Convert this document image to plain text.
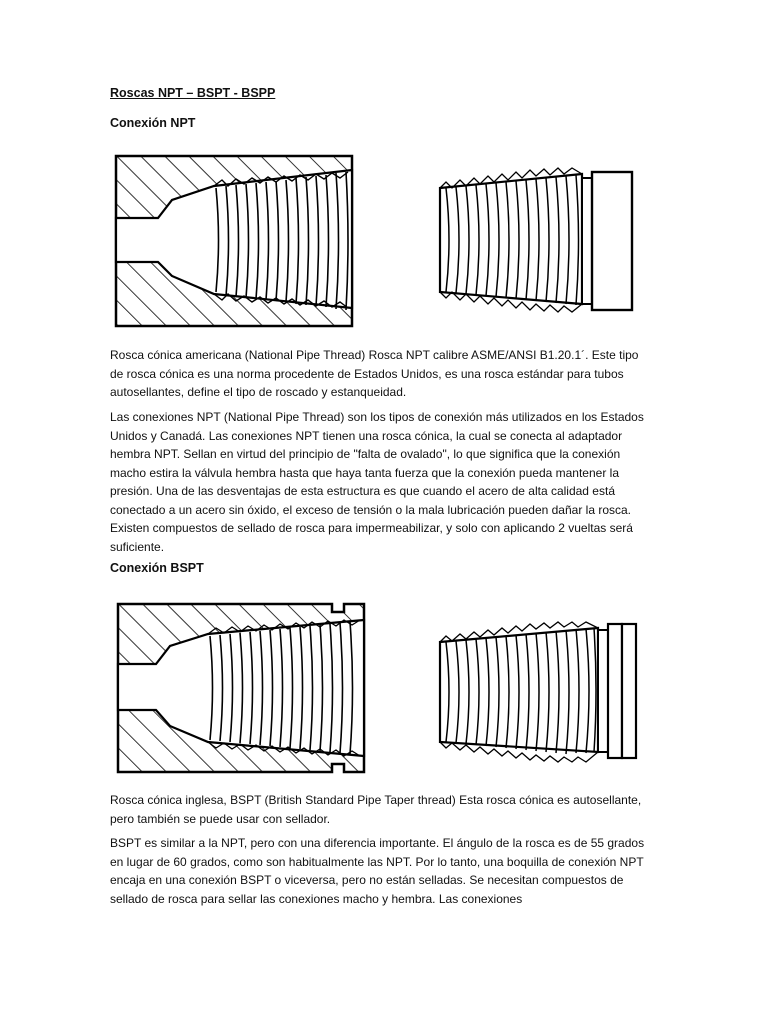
Roscas NPT – BSPT - BSPP

Conexión NPT

Rosca cónica americana (National Pipe Thread) Rosca NPT calibre ASME/ANSI B1.20.1´. Este tipo de rosca cónica es una norma procedente de Estados Unidos, es una rosca estándar para tubos autosellantes, define el tipo de roscado y estanqueidad.

Las conexiones NPT (National Pipe Thread) son los tipos de conexión más utilizados en los Estados Unidos y Canadá. Las conexiones NPT tienen una rosca cónica, la cual se conecta al adaptador hembra NPT. Sellan en virtud del principio de "falta de ovalado", lo que significa que la conexión macho estira la válvula hembra hasta que haya tanta fuerza que la conexión pueda mantener la presión. Una de las desventajas de esta estructura es que cuando el acero de alta calidad está conectado a un acero sin óxido, el exceso de tensión o la mala lubricación pueden dañar la rosca. Existen compuestos de sellado de rosca para impermeabilizar, y solo con aplicando 2 vueltas será suficiente.

Conexión BSPT

Rosca cónica inglesa, BSPT (British Standard Pipe Taper thread) Esta rosca cónica es autosellante, pero también se puede usar con sellador.

BSPT es similar a la NPT, pero con una diferencia importante. El ángulo de la rosca es de 55 grados en lugar de 60 grados, como son habitualmente las NPT. Por lo tanto, una boquilla de conexión NPT encaja en una conexión BSPT o viceversa, pero no están selladas. Se necesitan compuestos de sellado de rosca para sellar las conexiones macho y hembra. Las conexiones
